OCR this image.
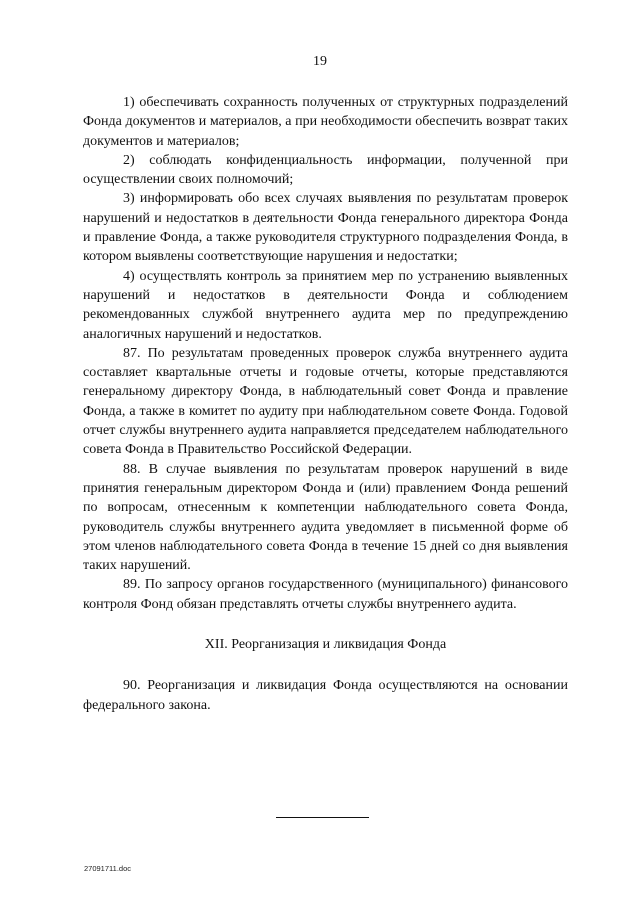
19

1) обеспечивать сохранность полученных от структурных подразделений Фонда документов и материалов, а при необходимости обеспечить возврат таких документов и материалов;

2) соблюдать конфиденциальность информации, полученной при осуществлении своих полномочий;

3) информировать обо всех случаях выявления по результатам проверок нарушений и недостатков в деятельности Фонда генерального директора Фонда и правление Фонда, а также руководителя структурного подразделения Фонда, в котором выявлены соответствующие нарушения и недостатки;

4) осуществлять контроль за принятием мер по устранению выявленных нарушений и недостатков в деятельности Фонда и соблюдением рекомендованных службой внутреннего аудита мер по предупреждению аналогичных нарушений и недостатков.

87. По результатам проведенных проверок служба внутреннего аудита составляет квартальные отчеты и годовые отчеты, которые представляются генеральному директору Фонда, в наблюдательный совет Фонда и правление Фонда, а также в комитет по аудиту при наблюдательном совете Фонда. Годовой отчет службы внутреннего аудита направляется председателем наблюдательного совета Фонда в Правительство Российской Федерации.

88. В случае выявления по результатам проверок нарушений в виде принятия генеральным директором Фонда и (или) правлением Фонда решений по вопросам, отнесенным к компетенции наблюдательного совета Фонда, руководитель службы внутреннего аудита уведомляет в письменной форме об этом членов наблюдательного совета Фонда в течение 15 дней со дня выявления таких нарушений.

89. По запросу органов государственного (муниципального) финансового контроля Фонд обязан представлять отчеты службы внутреннего аудита.

XII. Реорганизация и ликвидация Фонда

90. Реорганизация и ликвидация Фонда осуществляются на основании федерального закона.

27091711.doc
